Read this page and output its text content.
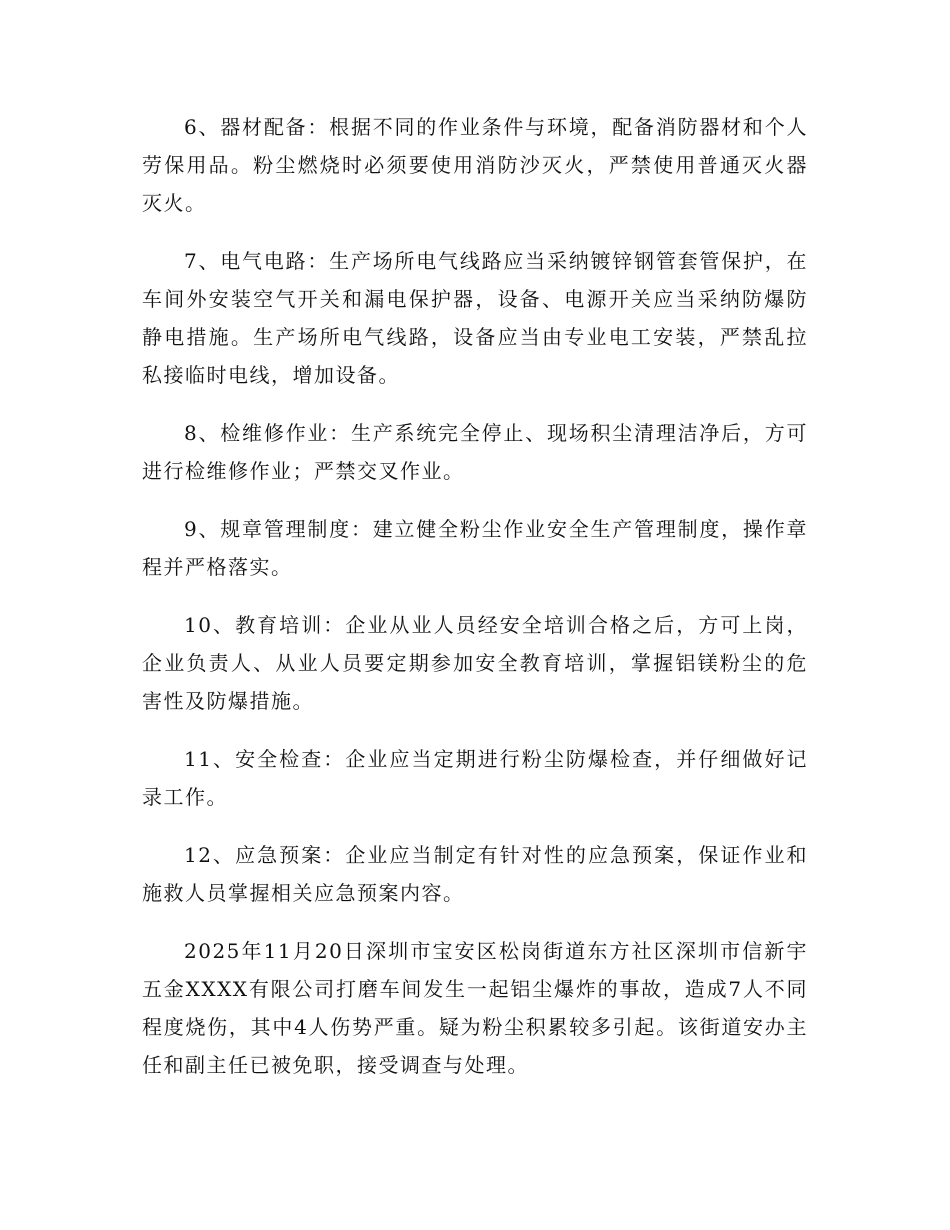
6、器材配备：根据不同的作业条件与环境，配备消防器材和个人劳保用品。粉尘燃烧时必须要使用消防沙灭火，严禁使用普通灭火器灭火。

7、电气电路：生产场所电气线路应当采纳镀锌钢管套管保护，在车间外安装空气开关和漏电保护器，设备、电源开关应当采纳防爆防静电措施。生产场所电气线路，设备应当由专业电工安装，严禁乱拉私接临时电线，增加设备。

8、检维修作业：生产系统完全停止、现场积尘清理洁净后，方可进行检维修作业；严禁交叉作业。

9、规章管理制度：建立健全粉尘作业安全生产管理制度，操作章程并严格落实。

10、教育培训：企业从业人员经安全培训合格之后，方可上岗，企业负责人、从业人员要定期参加安全教育培训，掌握铝镁粉尘的危害性及防爆措施。

11、安全检查：企业应当定期进行粉尘防爆检查，并仔细做好记录工作。

12、应急预案：企业应当制定有针对性的应急预案，保证作业和施救人员掌握相关应急预案内容。

2025年11月20日深圳市宝安区松岗街道东方社区深圳市信新宇五金XXXX有限公司打磨车间发生一起铝尘爆炸的事故，造成7人不同程度烧伤，其中4人伤势严重。疑为粉尘积累较多引起。该街道安办主任和副主任已被免职，接受调查与处理。
